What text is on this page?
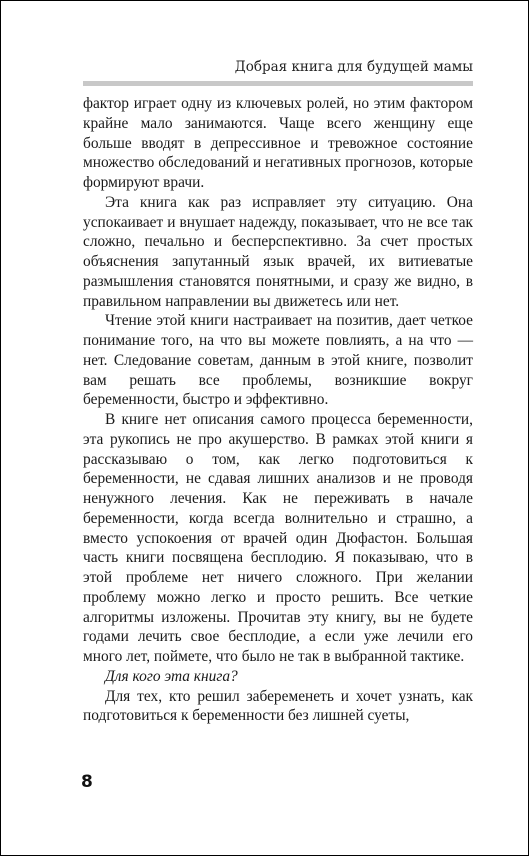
Добрая книга для будущей мамы

фактор играет одну из ключевых ролей, но этим фактором крайне мало занимаются. Чаще всего женщину еще больше вводят в депрессивное и тревожное состояние множество обследований и негативных прогнозов, которые формируют врачи.

Эта книга как раз исправляет эту ситуацию. Она успокаивает и внушает надежду, показывает, что не все так сложно, печально и бесперспективно. За счет простых объяснения запутанный язык врачей, их витиеватые размышления становятся понятными, и сразу же видно, в правильном направлении вы движетесь или нет.

Чтение этой книги настраивает на позитив, дает четкое понимание того, на что вы можете повлиять, а на что — нет. Следование советам, данным в этой книге, позволит вам решать все проблемы, возникшие вокруг беременности, быстро и эффективно.

В книге нет описания самого процесса беременности, эта рукопись не про акушерство. В рамках этой книги я рассказываю о том, как легко подготовиться к беременности, не сдавая лишних анализов и не проводя ненужного лечения. Как не переживать в начале беременности, когда всегда волнительно и страшно, а вместо успокоения от врачей один Дюфастон. Большая часть книги посвящена бесплодию. Я показываю, что в этой проблеме нет ничего сложного. При желании проблему можно легко и просто решить. Все четкие алгоритмы изложены. Прочитав эту книгу, вы не будете годами лечить свое бесплодие, а если уже лечили его много лет, поймете, что было не так в выбранной тактике.

Для кого эта книга?

Для тех, кто решил забеременеть и хочет узнать, как подготовиться к беременности без лишней суеты,

8
